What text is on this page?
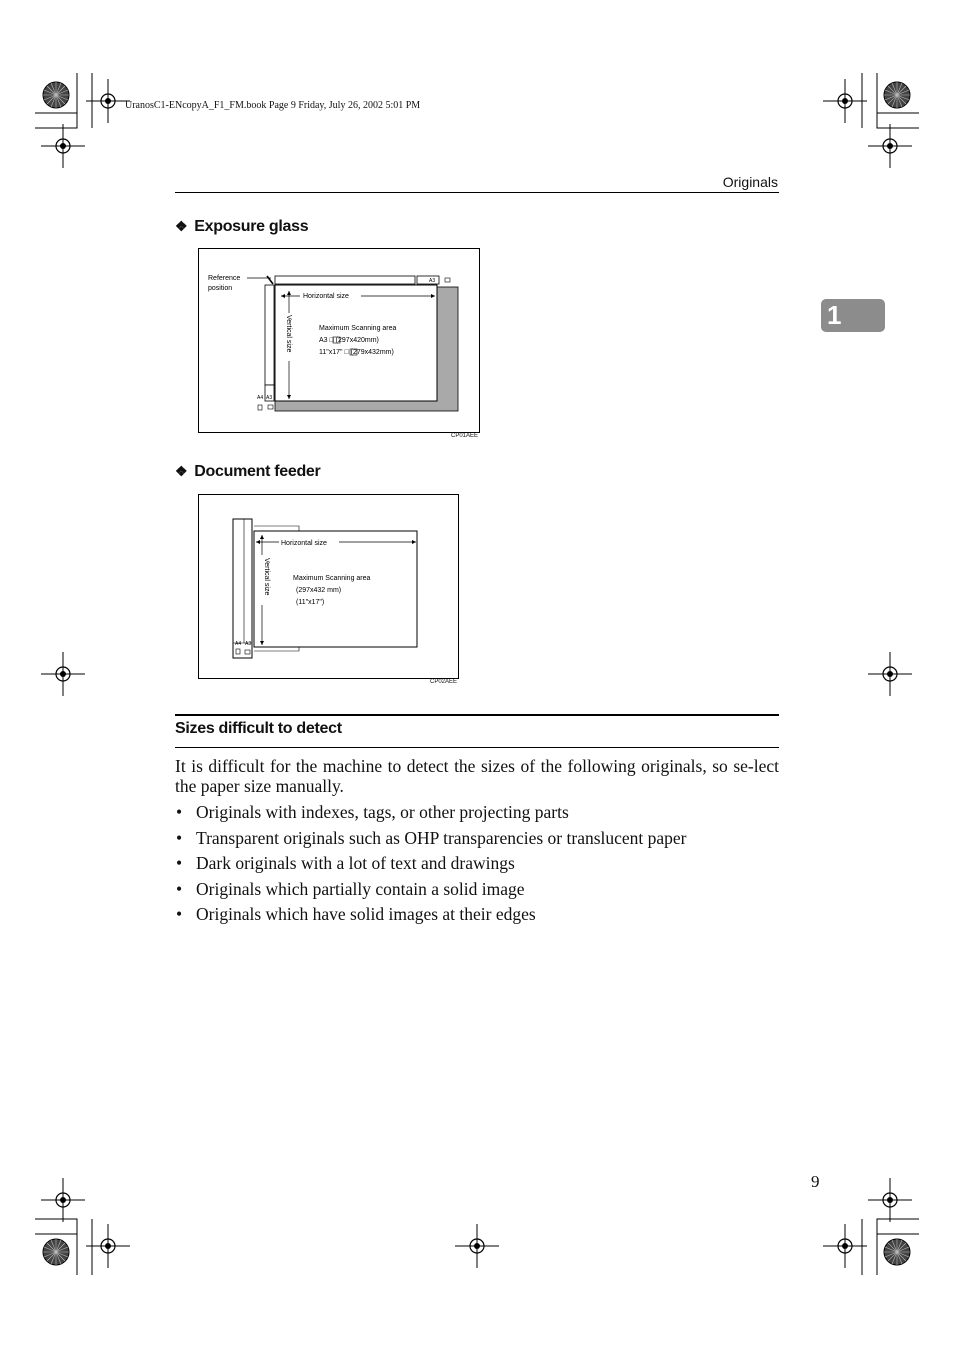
UranosC1-ENcopyA_F1_FM.book Page 9 Friday, July 26, 2002 5:01 PM
Originals
1
❖ Exposure glass
Reference
position
Horizontal size
Vertical size	Maximum Scanning area
A3 □ (297x420mm)
11"x17" □ (279x432mm)
A3
A4 A3
CP01AEE
❖ Document feeder
Horizontal size
Vertical size	Maximum Scanning area
(297x432 mm)
(11"x17")
A4 A3
CP02AEE
Sizes difficult to detect
It is difficult for the machine to detect the sizes of the following originals, so se-lect the paper size manually.
• Originals with indexes, tags, or other projecting parts
• Transparent originals such as OHP transparencies or translucent paper
• Dark originals with a lot of text and drawings
• Originals which partially contain a solid image
• Originals which have solid images at their edges
9
